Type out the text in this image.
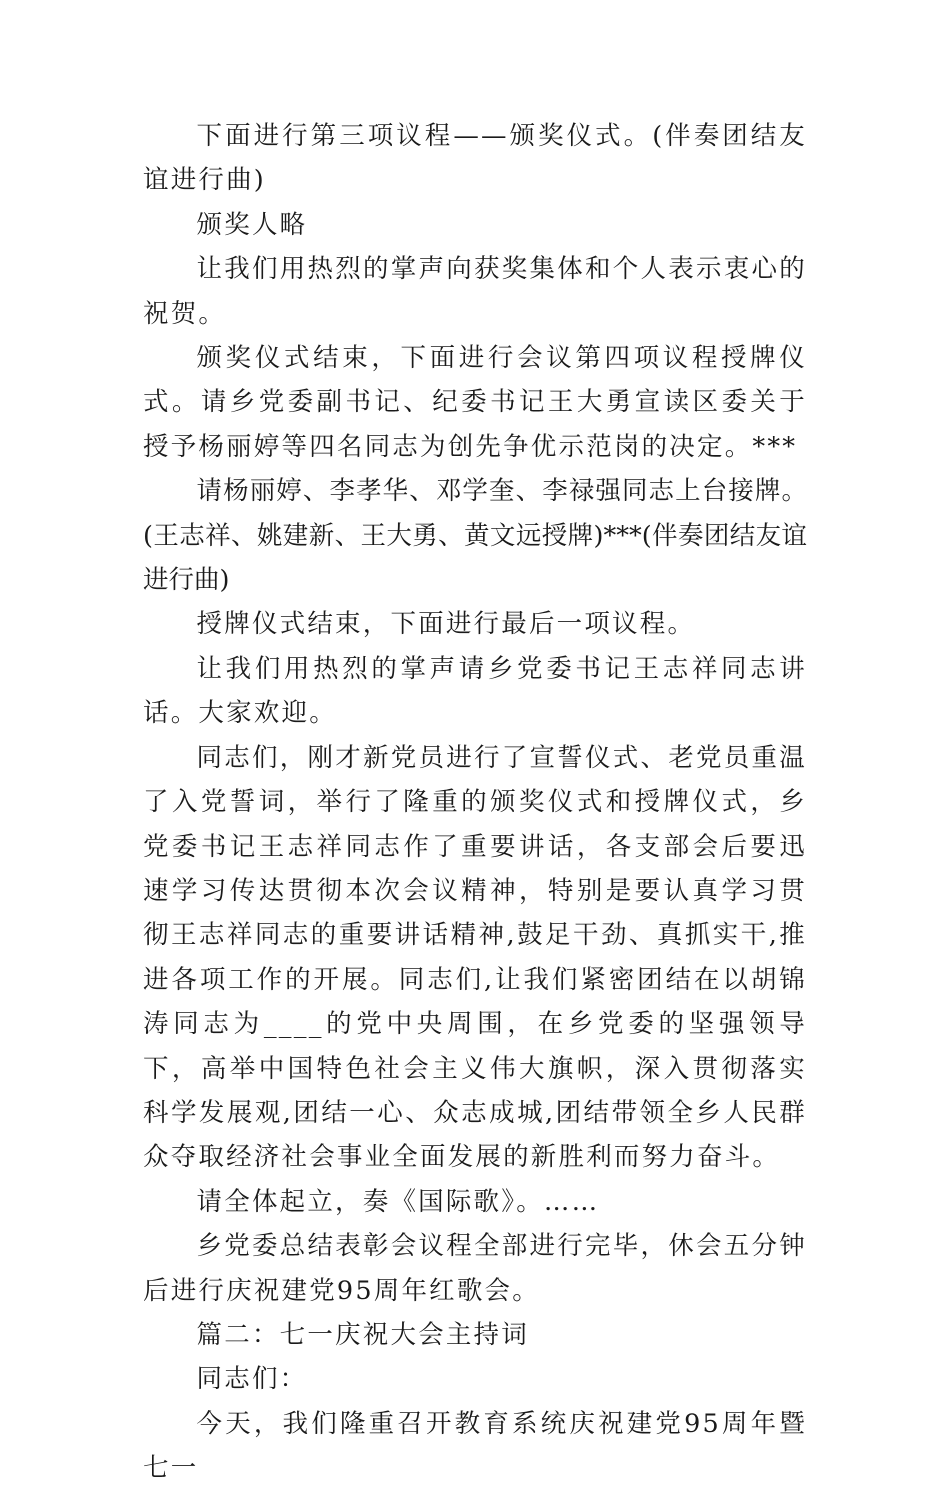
下面进行第三项议程——颁奖仪式。(伴奏团结友谊进行曲)

颁奖人略

让我们用热烈的掌声向获奖集体和个人表示衷心的祝贺。

颁奖仪式结束，下面进行会议第四项议程授牌仪式。请乡党委副书记、纪委书记王大勇宣读区委关于授予杨丽婷等四名同志为创先争优示范岗的决定。***

请杨丽婷、李孝华、邓学奎、李禄强同志上台接牌。(王志祥、姚建新、王大勇、黄文远授牌)***(伴奏团结友谊进行曲)

授牌仪式结束，下面进行最后一项议程。

让我们用热烈的掌声请乡党委书记王志祥同志讲话。大家欢迎。

同志们，刚才新党员进行了宣誓仪式、老党员重温了入党誓词，举行了隆重的颁奖仪式和授牌仪式，乡党委书记王志祥同志作了重要讲话，各支部会后要迅速学习传达贯彻本次会议精神，特别是要认真学习贯彻王志祥同志的重要讲话精神,鼓足干劲、真抓实干,推进各项工作的开展。同志们,让我们紧密团结在以胡锦涛同志为____的党中央周围，在乡党委的坚强领导下，高举中国特色社会主义伟大旗帜，深入贯彻落实科学发展观,团结一心、众志成城,团结带领全乡人民群众夺取经济社会事业全面发展的新胜利而努力奋斗。

请全体起立，奏《国际歌》。……

乡党委总结表彰会议程全部进行完毕，休会五分钟后进行庆祝建党95周年红歌会。

篇二：七一庆祝大会主持词

同志们：

今天，我们隆重召开教育系统庆祝建党95周年暨七一
